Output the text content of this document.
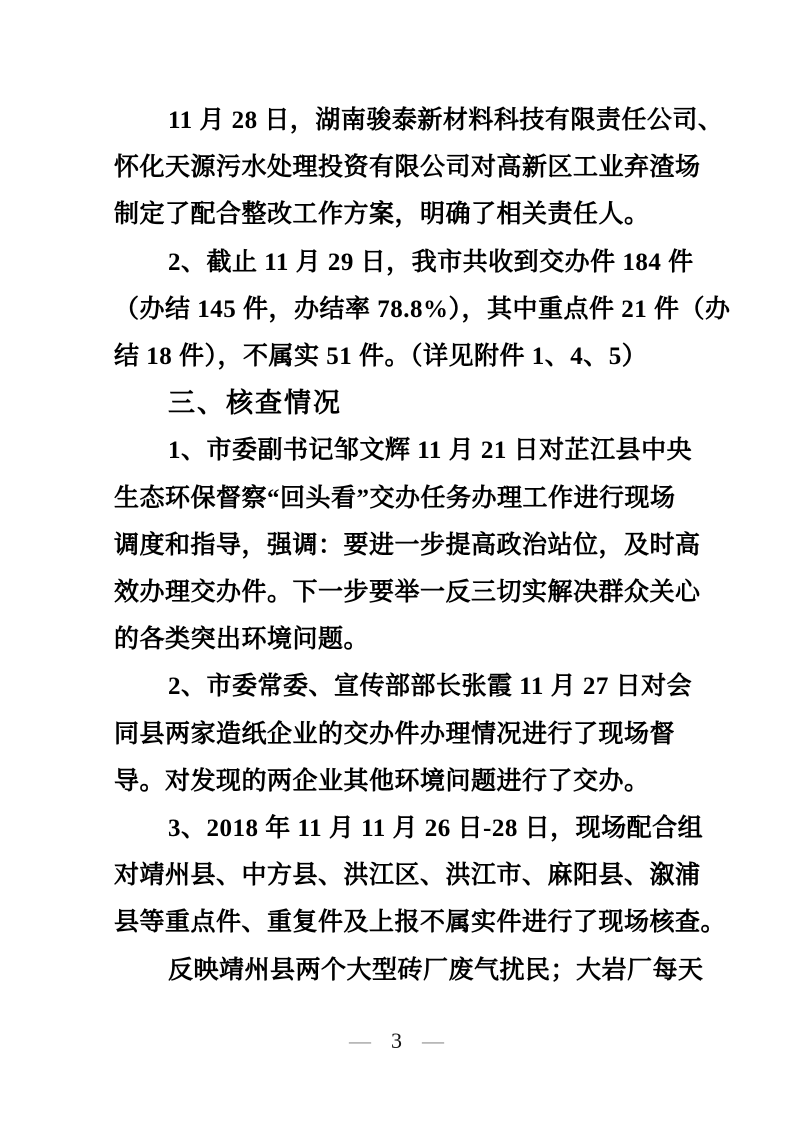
11 月 28 日，湖南骏泰新材料科技有限责任公司、
怀化天源污水处理投资有限公司对高新区工业弃渣场
制定了配合整改工作方案，明确了相关责任人。
2、截止 11 月 29 日，我市共收到交办件 184 件
（办结 145 件，办结率 78.8%），其中重点件 21 件（办
结 18 件），不属实 51 件。（详见附件 1、4、5）
三、核查情况
1、市委副书记邹文辉 11 月 21 日对芷江县中央
生态环保督察“回头看”交办任务办理工作进行现场
调度和指导，强调：要进一步提高政治站位，及时高
效办理交办件。下一步要举一反三切实解决群众关心
的各类突出环境问题。
2、市委常委、宣传部部长张霞 11 月 27 日对会
同县两家造纸企业的交办件办理情况进行了现场督
导。对发现的两企业其他环境问题进行了交办。
3、2018 年 11 月 11 月 26 日-28 日，现场配合组
对靖州县、中方县、洪江区、洪江市、麻阳县、溆浦
县等重点件、重复件及上报不属实件进行了现场核查。
反映靖州县两个大型砖厂废气扰民；大岩厂每天
— 3 —
